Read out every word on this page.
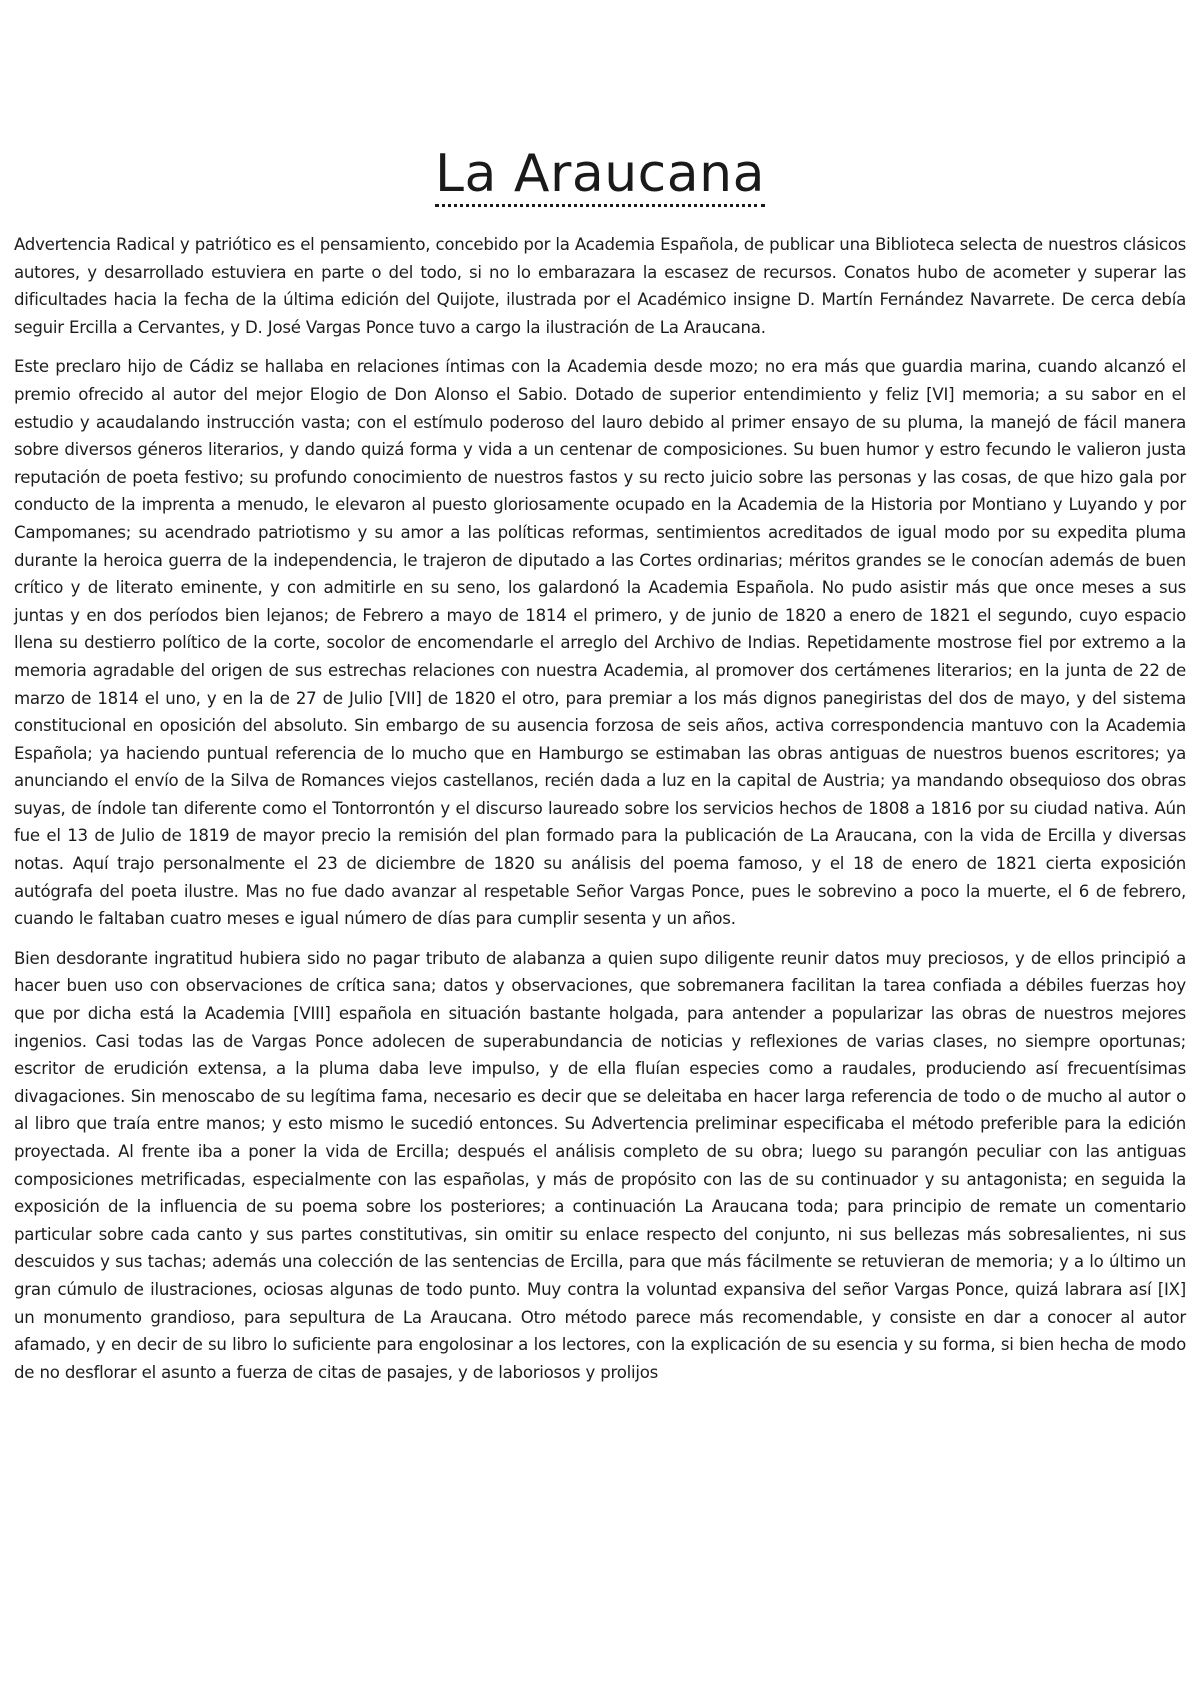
La Araucana

Advertencia Radical y patriótico es el pensamiento, concebido por la Academia Española, de publicar una Biblioteca selecta de nuestros clásicos autores, y desarrollado estuviera en parte o del todo, si no lo embarazara la escasez de recursos. Conatos hubo de acometer y superar las dificultades hacia la fecha de la última edición del Quijote, ilustrada por el Académico insigne D. Martín Fernández Navarrete. De cerca debía seguir Ercilla a Cervantes, y D. José Vargas Ponce tuvo a cargo la ilustración de La Araucana.

Este preclaro hijo de Cádiz se hallaba en relaciones íntimas con la Academia desde mozo; no era más que guardia marina, cuando alcanzó el premio ofrecido al autor del mejor Elogio de Don Alonso el Sabio. Dotado de superior entendimiento y feliz [VI] memoria; a su sabor en el estudio y acaudalando instrucción vasta; con el estímulo poderoso del lauro debido al primer ensayo de su pluma, la manejó de fácil manera sobre diversos géneros literarios, y dando quizá forma y vida a un centenar de composiciones. Su buen humor y estro fecundo le valieron justa reputación de poeta festivo; su profundo conocimiento de nuestros fastos y su recto juicio sobre las personas y las cosas, de que hizo gala por conducto de la imprenta a menudo, le elevaron al puesto gloriosamente ocupado en la Academia de la Historia por Montiano y Luyando y por Campomanes; su acendrado patriotismo y su amor a las políticas reformas, sentimientos acreditados de igual modo por su expedita pluma durante la heroica guerra de la independencia, le trajeron de diputado a las Cortes ordinarias; méritos grandes se le conocían además de buen crítico y de literato eminente, y con admitirle en su seno, los galardonó la Academia Española. No pudo asistir más que once meses a sus juntas y en dos períodos bien lejanos; de Febrero a mayo de 1814 el primero, y de junio de 1820 a enero de 1821 el segundo, cuyo espacio llena su destierro político de la corte, socolor de encomendarle el arreglo del Archivo de Indias. Repetidamente mostrose fiel por extremo a la memoria agradable del origen de sus estrechas relaciones con nuestra Academia, al promover dos certámenes literarios; en la junta de 22 de marzo de 1814 el uno, y en la de 27 de Julio [VII] de 1820 el otro, para premiar a los más dignos panegiristas del dos de mayo, y del sistema constitucional en oposición del absoluto. Sin embargo de su ausencia forzosa de seis años, activa correspondencia mantuvo con la Academia Española; ya haciendo puntual referencia de lo mucho que en Hamburgo se estimaban las obras antiguas de nuestros buenos escritores; ya anunciando el envío de la Silva de Romances viejos castellanos, recién dada a luz en la capital de Austria; ya mandando obsequioso dos obras suyas, de índole tan diferente como el Tontorrontón y el discurso laureado sobre los servicios hechos de 1808 a 1816 por su ciudad nativa. Aún fue el 13 de Julio de 1819 de mayor precio la remisión del plan formado para la publicación de La Araucana, con la vida de Ercilla y diversas notas. Aquí trajo personalmente el 23 de diciembre de 1820 su análisis del poema famoso, y el 18 de enero de 1821 cierta exposición autógrafa del poeta ilustre. Mas no fue dado avanzar al respetable Señor Vargas Ponce, pues le sobrevino a poco la muerte, el 6 de febrero, cuando le faltaban cuatro meses e igual número de días para cumplir sesenta y un años.

Bien desdorante ingratitud hubiera sido no pagar tributo de alabanza a quien supo diligente reunir datos muy preciosos, y de ellos principió a hacer buen uso con observaciones de crítica sana; datos y observaciones, que sobremanera facilitan la tarea confiada a débiles fuerzas hoy que por dicha está la Academia [VIII] española en situación bastante holgada, para antender a popularizar las obras de nuestros mejores ingenios. Casi todas las de Vargas Ponce adolecen de superabundancia de noticias y reflexiones de varias clases, no siempre oportunas; escritor de erudición extensa, a la pluma daba leve impulso, y de ella fluían especies como a raudales, produciendo así frecuentísimas divagaciones. Sin menoscabo de su legítima fama, necesario es decir que se deleitaba en hacer larga referencia de todo o de mucho al autor o al libro que traía entre manos; y esto mismo le sucedió entonces. Su Advertencia preliminar especificaba el método preferible para la edición proyectada. Al frente iba a poner la vida de Ercilla; después el análisis completo de su obra; luego su parangón peculiar con las antiguas composiciones metrificadas, especialmente con las españolas, y más de propósito con las de su continuador y su antagonista; en seguida la exposición de la influencia de su poema sobre los posteriores; a continuación La Araucana toda; para principio de remate un comentario particular sobre cada canto y sus partes constitutivas, sin omitir su enlace respecto del conjunto, ni sus bellezas más sobresalientes, ni sus descuidos y sus tachas; además una colección de las sentencias de Ercilla, para que más fácilmente se retuvieran de memoria; y a lo último un gran cúmulo de ilustraciones, ociosas algunas de todo punto. Muy contra la voluntad expansiva del señor Vargas Ponce, quizá labrara así [IX] un monumento grandioso, para sepultura de La Araucana. Otro método parece más recomendable, y consiste en dar a conocer al autor afamado, y en decir de su libro lo suficiente para engolosinar a los lectores, con la explicación de su esencia y su forma, si bien hecha de modo de no desflorar el asunto a fuerza de citas de pasajes, y de laboriosos y prolijos
